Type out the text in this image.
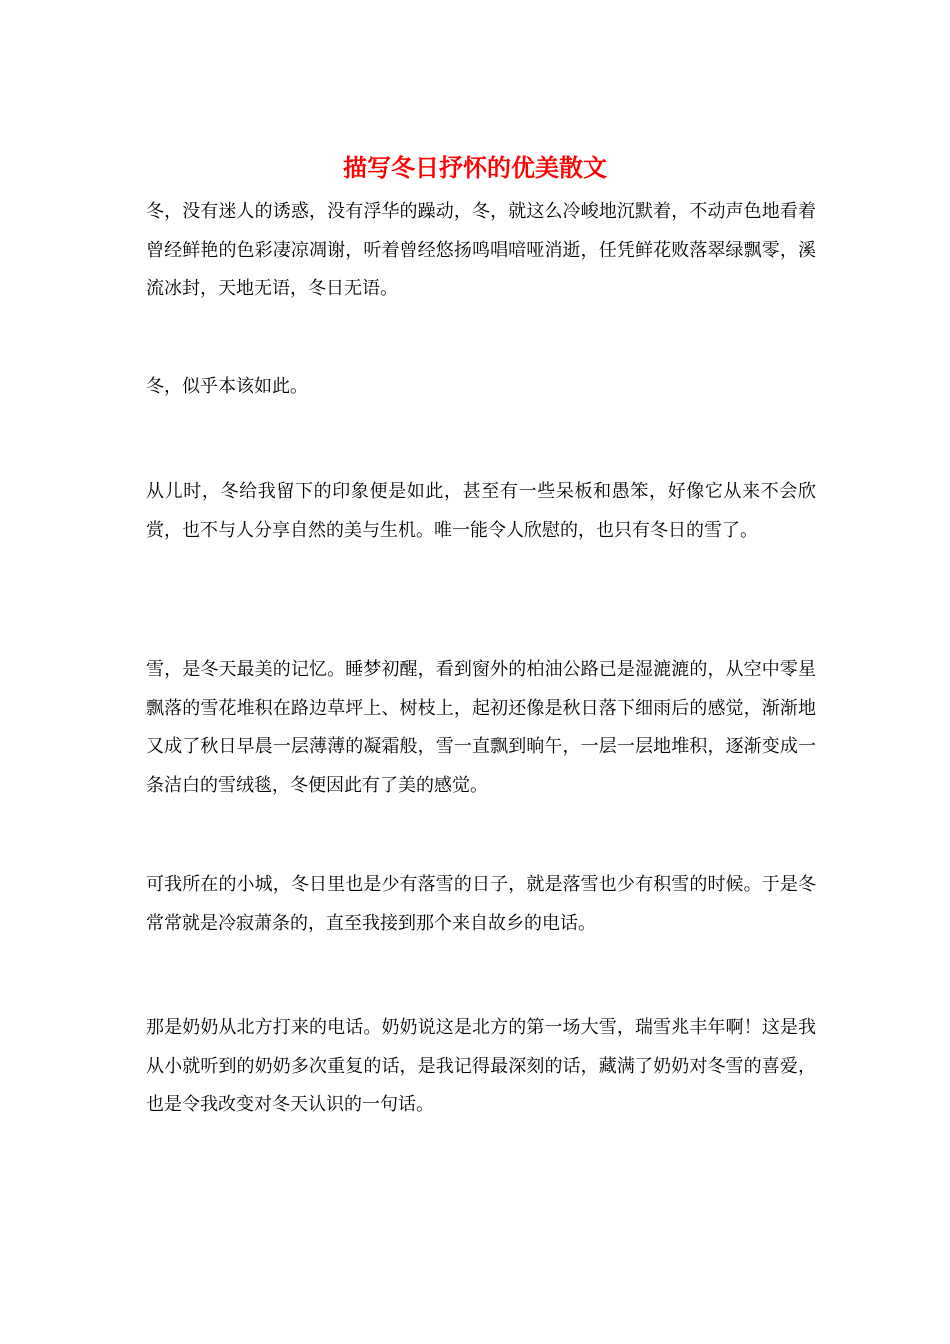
描写冬日抒怀的优美散文

冬，没有迷人的诱惑，没有浮华的躁动，冬，就这么冷峻地沉默着，不动声色地看着曾经鲜艳的色彩凄凉凋谢，听着曾经悠扬鸣唱喑哑消逝，任凭鲜花败落翠绿飘零，溪流冰封，天地无语，冬日无语。

冬，似乎本该如此。

从儿时，冬给我留下的印象便是如此，甚至有一些呆板和愚笨，好像它从来不会欣赏，也不与人分享自然的美与生机。唯一能令人欣慰的，也只有冬日的雪了。

雪，是冬天最美的记忆。睡梦初醒，看到窗外的柏油公路已是湿漉漉的，从空中零星飘落的雪花堆积在路边草坪上、树枝上，起初还像是秋日落下细雨后的感觉，渐渐地又成了秋日早晨一层薄薄的凝霜般，雪一直飘到晌午，一层一层地堆积，逐渐变成一条洁白的雪绒毯，冬便因此有了美的感觉。

可我所在的小城，冬日里也是少有落雪的日子，就是落雪也少有积雪的时候。于是冬常常就是冷寂萧条的，直至我接到那个来自故乡的电话。

那是奶奶从北方打来的电话。奶奶说这是北方的第一场大雪，瑞雪兆丰年啊！这是我从小就听到的奶奶多次重复的话，是我记得最深刻的话，藏满了奶奶对冬雪的喜爱，也是令我改变对冬天认识的一句话。
